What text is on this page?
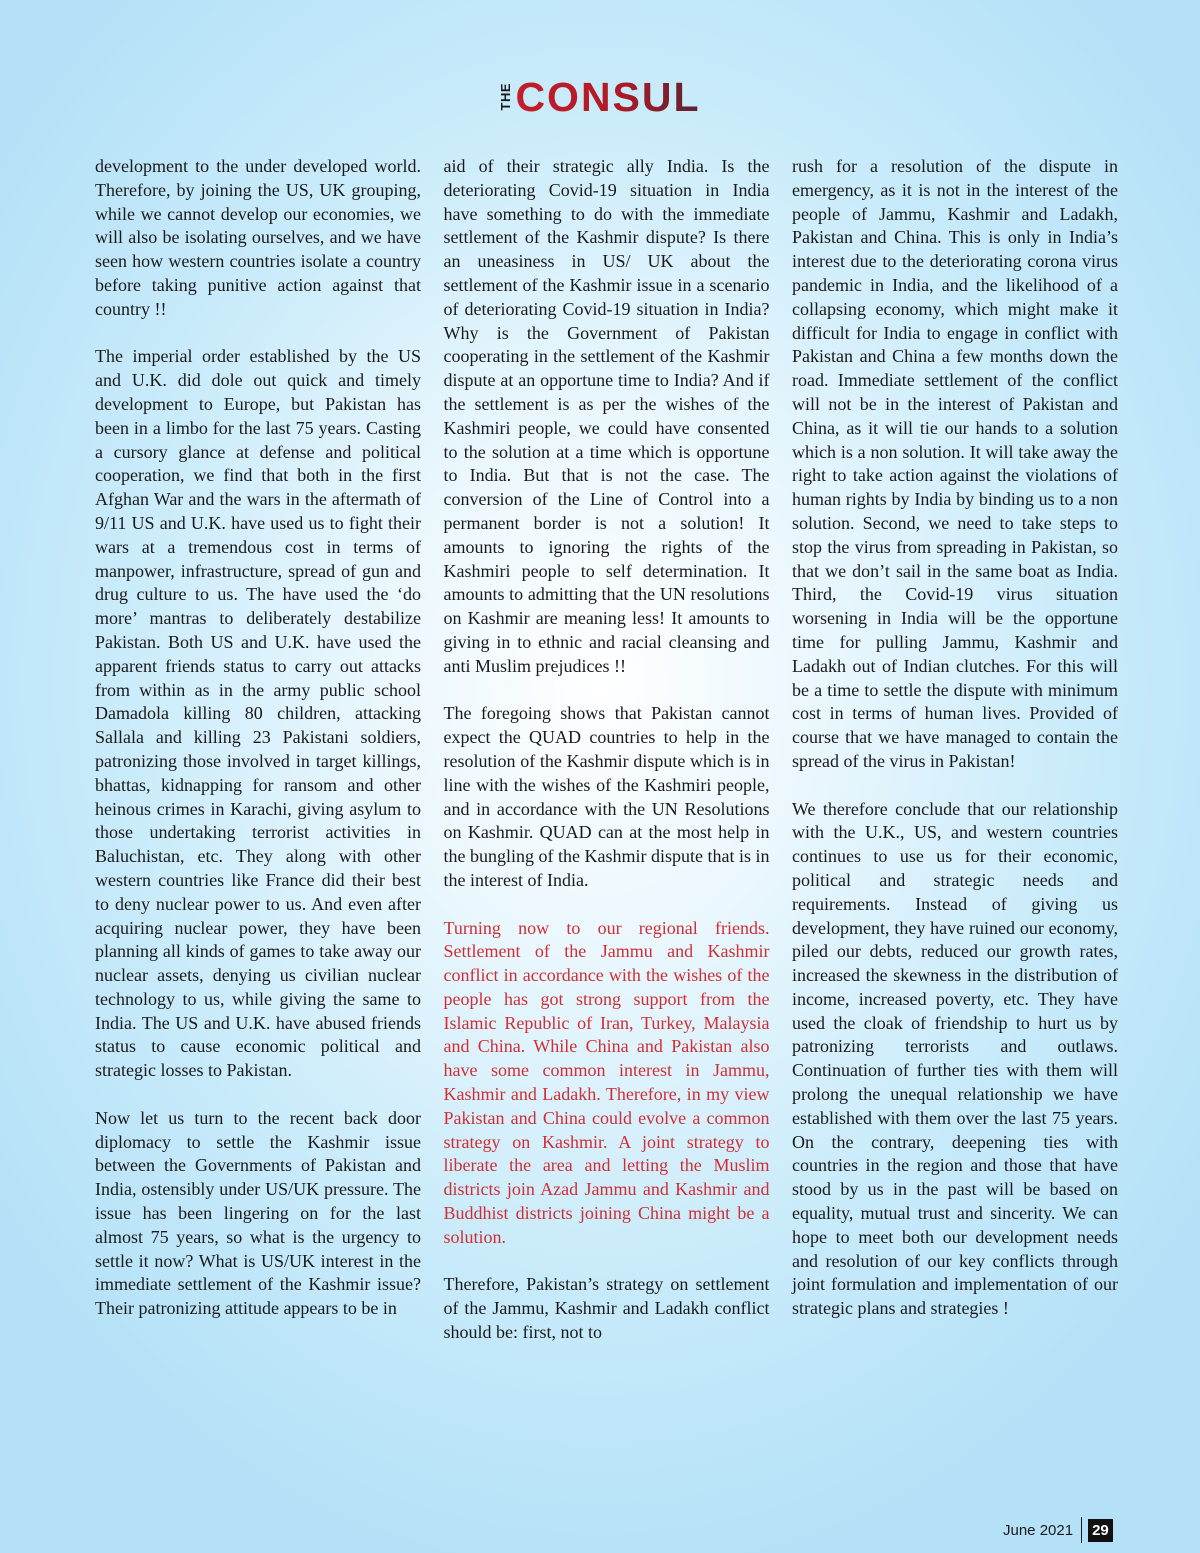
THE CONSUL

development to the under developed world. Therefore, by joining the US, UK grouping, while we cannot develop our economies, we will also be isolating ourselves, and we have seen how western countries isolate a country before taking punitive action against that country !!

The imperial order established by the US and U.K. did dole out quick and timely development to Europe, but Pakistan has been in a limbo for the last 75 years. Casting a cursory glance at defense and political cooperation, we find that both in the first Afghan War and the wars in the aftermath of 9/11 US and U.K. have used us to fight their wars at a tremendous cost in terms of manpower, infrastructure, spread of gun and drug culture to us. The have used the ‘do more’ mantras to deliberately destabilize Pakistan. Both US and U.K. have used the apparent friends status to carry out attacks from within as in the army public school Damadola killing 80 children, attacking Sallala and killing 23 Pakistani soldiers, patronizing those involved in target killings, bhattas, kidnapping for ransom and other heinous crimes in Karachi, giving asylum to those undertaking terrorist activities in Baluchistan, etc. They along with other western countries like France did their best to deny nuclear power to us. And even after acquiring nuclear power, they have been planning all kinds of games to take away our nuclear assets, denying us civilian nuclear technology to us, while giving the same to India. The US and U.K. have abused friends status to cause economic political and strategic losses to Pakistan.

Now let us turn to the recent back door diplomacy to settle the Kashmir issue between the Governments of Pakistan and India, ostensibly under US/UK pressure. The issue has been lingering on for the last almost 75 years, so what is the urgency to settle it now? What is US/UK interest in the immediate settlement of the Kashmir issue? Their patronizing attitude appears to be in

aid of their strategic ally India. Is the deteriorating Covid-19 situation in India have something to do with the immediate settlement of the Kashmir dispute? Is there an uneasiness in US/ UK about the settlement of the Kashmir issue in a scenario of deteriorating Covid-19 situation in India? Why is the Government of Pakistan cooperating in the settlement of the Kashmir dispute at an opportune time to India? And if the settlement is as per the wishes of the Kashmiri people, we could have consented to the solution at a time which is opportune to India. But that is not the case. The conversion of the Line of Control into a permanent border is not a solution! It amounts to ignoring the rights of the Kashmiri people to self determination. It amounts to admitting that the UN resolutions on Kashmir are meaning less! It amounts to giving in to ethnic and racial cleansing and anti Muslim prejudices !!

The foregoing shows that Pakistan cannot expect the QUAD countries to help in the resolution of the Kashmir dispute which is in line with the wishes of the Kashmiri people, and in accordance with the UN Resolutions on Kashmir. QUAD can at the most help in the bungling of the Kashmir dispute that is in the interest of India.

Turning now to our regional friends. Settlement of the Jammu and Kashmir conflict in accordance with the wishes of the people has got strong support from the Islamic Republic of Iran, Turkey, Malaysia and China. While China and Pakistan also have some common interest in Jammu, Kashmir and Ladakh. Therefore, in my view Pakistan and China could evolve a common strategy on Kashmir. A joint strategy to liberate the area and letting the Muslim districts join Azad Jammu and Kashmir and Buddhist districts joining China might be a solution.

Therefore, Pakistan’s strategy on settlement of the Jammu, Kashmir and Ladakh conflict should be: first, not to

rush for a resolution of the dispute in emergency, as it is not in the interest of the people of Jammu, Kashmir and Ladakh, Pakistan and China. This is only in India’s interest due to the deteriorating corona virus pandemic in India, and the likelihood of a collapsing economy, which might make it difficult for India to engage in conflict with Pakistan and China a few months down the road. Immediate settlement of the conflict will not be in the interest of Pakistan and China, as it will tie our hands to a solution which is a non solution. It will take away the right to take action against the violations of human rights by India by binding us to a non solution. Second, we need to take steps to stop the virus from spreading in Pakistan, so that we don’t sail in the same boat as India. Third, the Covid-19 virus situation worsening in India will be the opportune time for pulling Jammu, Kashmir and Ladakh out of Indian clutches. For this will be a time to settle the dispute with minimum cost in terms of human lives. Provided of course that we have managed to contain the spread of the virus in Pakistan!

We therefore conclude that our relationship with the U.K., US, and western countries continues to use us for their economic, political and strategic needs and requirements. Instead of giving us development, they have ruined our economy, piled our debts, reduced our growth rates, increased the skewness in the distribution of income, increased poverty, etc. They have used the cloak of friendship to hurt us by patronizing terrorists and outlaws. Continuation of further ties with them will prolong the unequal relationship we have established with them over the last 75 years. On the contrary, deepening ties with countries in the region and those that have stood by us in the past will be based on equality, mutual trust and sincerity. We can hope to meet both our development needs and resolution of our key conflicts through joint formulation and implementation of our strategic plans and strategies !

June 2021 29
